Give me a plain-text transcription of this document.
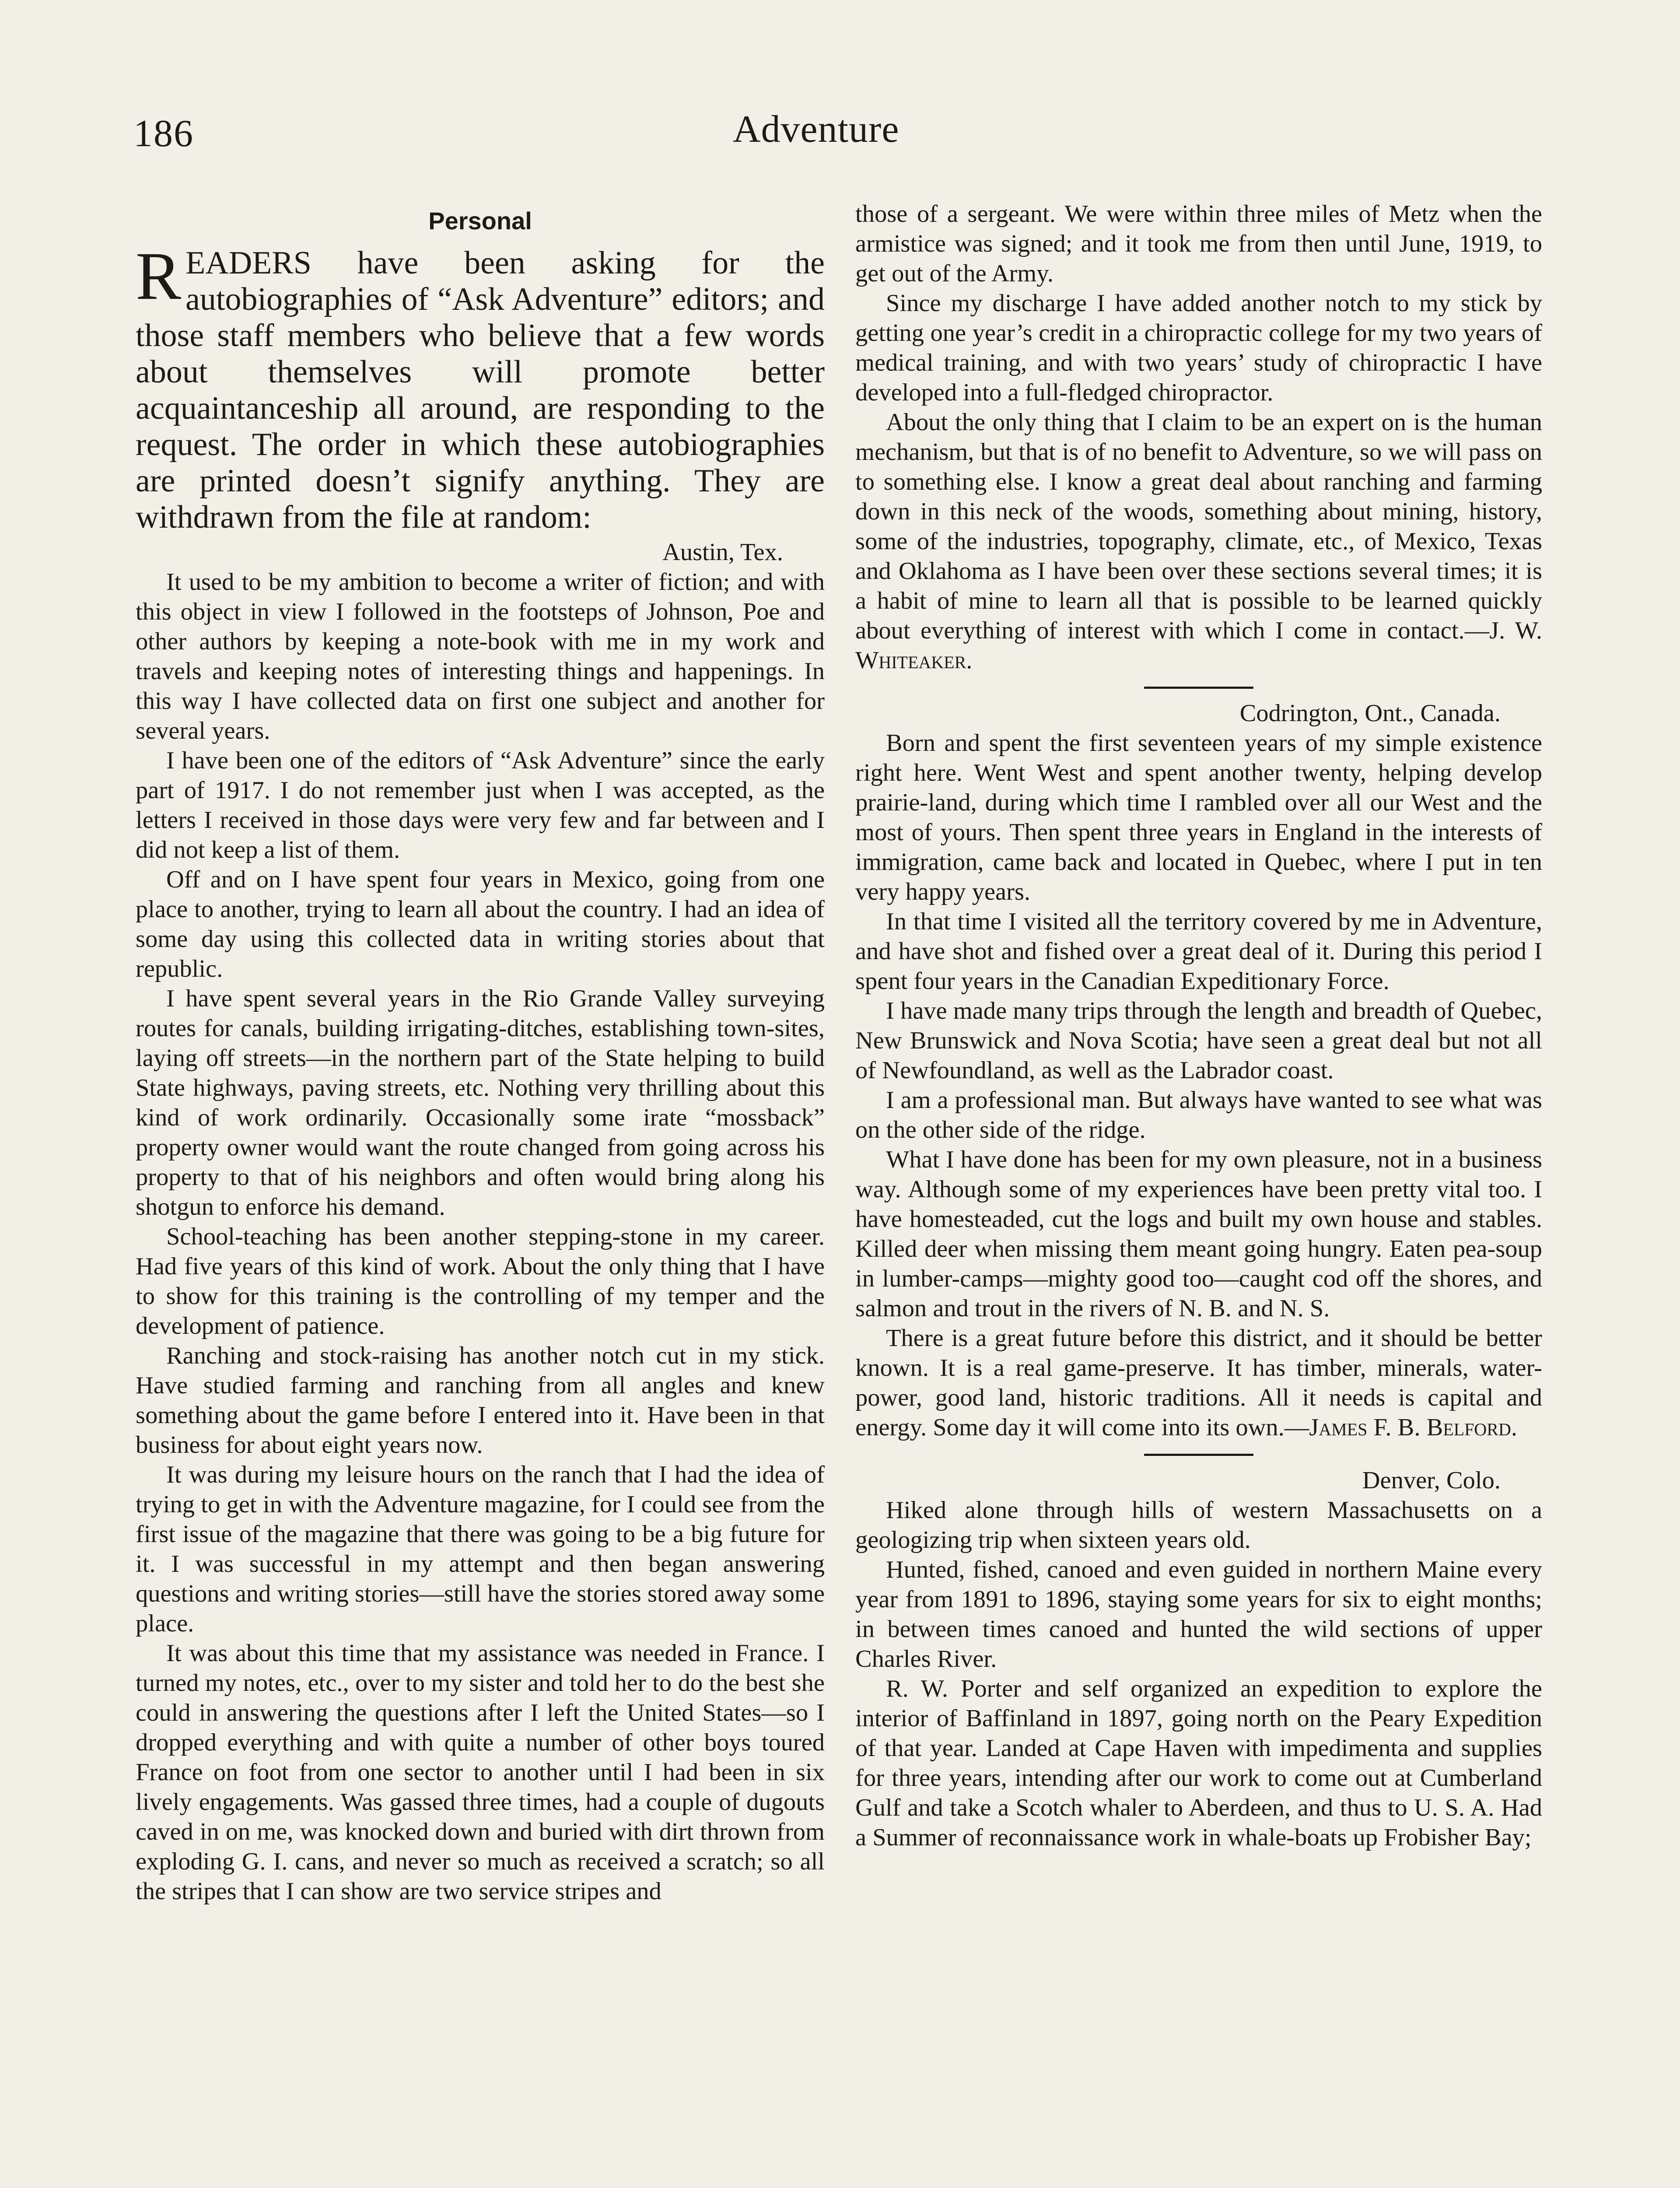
186	Adventure
Personal

READERS have been asking for the autobiographies of “Ask Adventure” editors; and those staff members who believe that a few words about themselves will promote better acquaintanceship all around, are responding to the request. The order in which these autobiographies are printed doesn’t signify anything. They are withdrawn from the file at random:

Austin, Tex.

It used to be my ambition to become a writer of fiction; and with this object in view I followed in the footsteps of Johnson, Poe and other authors by keeping a note-book with me in my work and travels and keeping notes of interesting things and happenings. In this way I have collected data on first one subject and another for several years.

I have been one of the editors of “Ask Adventure” since the early part of 1917. I do not remember just when I was accepted, as the letters I received in those days were very few and far between and I did not keep a list of them.

Off and on I have spent four years in Mexico, going from one place to another, trying to learn all about the country. I had an idea of some day using this collected data in writing stories about that republic.

I have spent several years in the Rio Grande Valley surveying routes for canals, building irrigating-ditches, establishing town-sites, laying off streets—in the northern part of the State helping to build State highways, paving streets, etc. Nothing very thrilling about this kind of work ordinarily. Occasionally some irate “mossback” property owner would want the route changed from going across his property to that of his neighbors and often would bring along his shotgun to enforce his demand.

School-teaching has been another stepping-stone in my career. Had five years of this kind of work. About the only thing that I have to show for this training is the controlling of my temper and the development of patience.

Ranching and stock-raising has another notch cut in my stick. Have studied farming and ranching from all angles and knew something about the game before I entered into it. Have been in that business for about eight years now.

It was during my leisure hours on the ranch that I had the idea of trying to get in with the Adventure magazine, for I could see from the first issue of the magazine that there was going to be a big future for it. I was successful in my attempt and then began answering questions and writing stories—still have the stories stored away some place.

It was about this time that my assistance was needed in France. I turned my notes, etc., over to my sister and told her to do the best she could in answering the questions after I left the United States—so I dropped everything and with quite a number of other boys toured France on foot from one sector to another until I had been in six lively engagements. Was gassed three times, had a couple of dugouts caved in on me, was knocked down and buried with dirt thrown from exploding G. I. cans, and never so much as received a scratch; so all the stripes that I can show are two service stripes and

those of a sergeant. We were within three miles of Metz when the armistice was signed; and it took me from then until June, 1919, to get out of the Army.

Since my discharge I have added another notch to my stick by getting one year’s credit in a chiropractic college for my two years of medical training, and with two years’ study of chiropractic I have developed into a full-fledged chiropractor.

About the only thing that I claim to be an expert on is the human mechanism, but that is of no benefit to Adventure, so we will pass on to something else. I know a great deal about ranching and farming down in this neck of the woods, something about mining, history, some of the industries, topography, climate, etc., of Mexico, Texas and Oklahoma as I have been over these sections several times; it is a habit of mine to learn all that is possible to be learned quickly about everything of interest with which I come in contact.—J. W. Whiteaker.

Codrington, Ont., Canada.

Born and spent the first seventeen years of my simple existence right here. Went West and spent another twenty, helping develop prairie-land, during which time I rambled over all our West and the most of yours. Then spent three years in England in the interests of immigration, came back and located in Quebec, where I put in ten very happy years.

In that time I visited all the territory covered by me in Adventure, and have shot and fished over a great deal of it. During this period I spent four years in the Canadian Expeditionary Force.

I have made many trips through the length and breadth of Quebec, New Brunswick and Nova Scotia; have seen a great deal but not all of Newfoundland, as well as the Labrador coast.

I am a professional man. But always have wanted to see what was on the other side of the ridge.

What I have done has been for my own pleasure, not in a business way. Although some of my experiences have been pretty vital too. I have homesteaded, cut the logs and built my own house and stables. Killed deer when missing them meant going hungry. Eaten pea-soup in lumber-camps—mighty good too—caught cod off the shores, and salmon and trout in the rivers of N. B. and N. S.

There is a great future before this district, and it should be better known. It is a real game-preserve. It has timber, minerals, water-power, good land, historic traditions. All it needs is capital and energy. Some day it will come into its own.—James F. B. Belford.

Denver, Colo.

Hiked alone through hills of western Massachusetts on a geologizing trip when sixteen years old.

Hunted, fished, canoed and even guided in northern Maine every year from 1891 to 1896, staying some years for six to eight months; in between times canoed and hunted the wild sections of upper Charles River.

R. W. Porter and self organized an expedition to explore the interior of Baffinland in 1897, going north on the Peary Expedition of that year. Landed at Cape Haven with impedimenta and supplies for three years, intending after our work to come out at Cumberland Gulf and take a Scotch whaler to Aberdeen, and thus to U. S. A. Had a Summer of reconnaissance work in whale-boats up Frobisher Bay;
